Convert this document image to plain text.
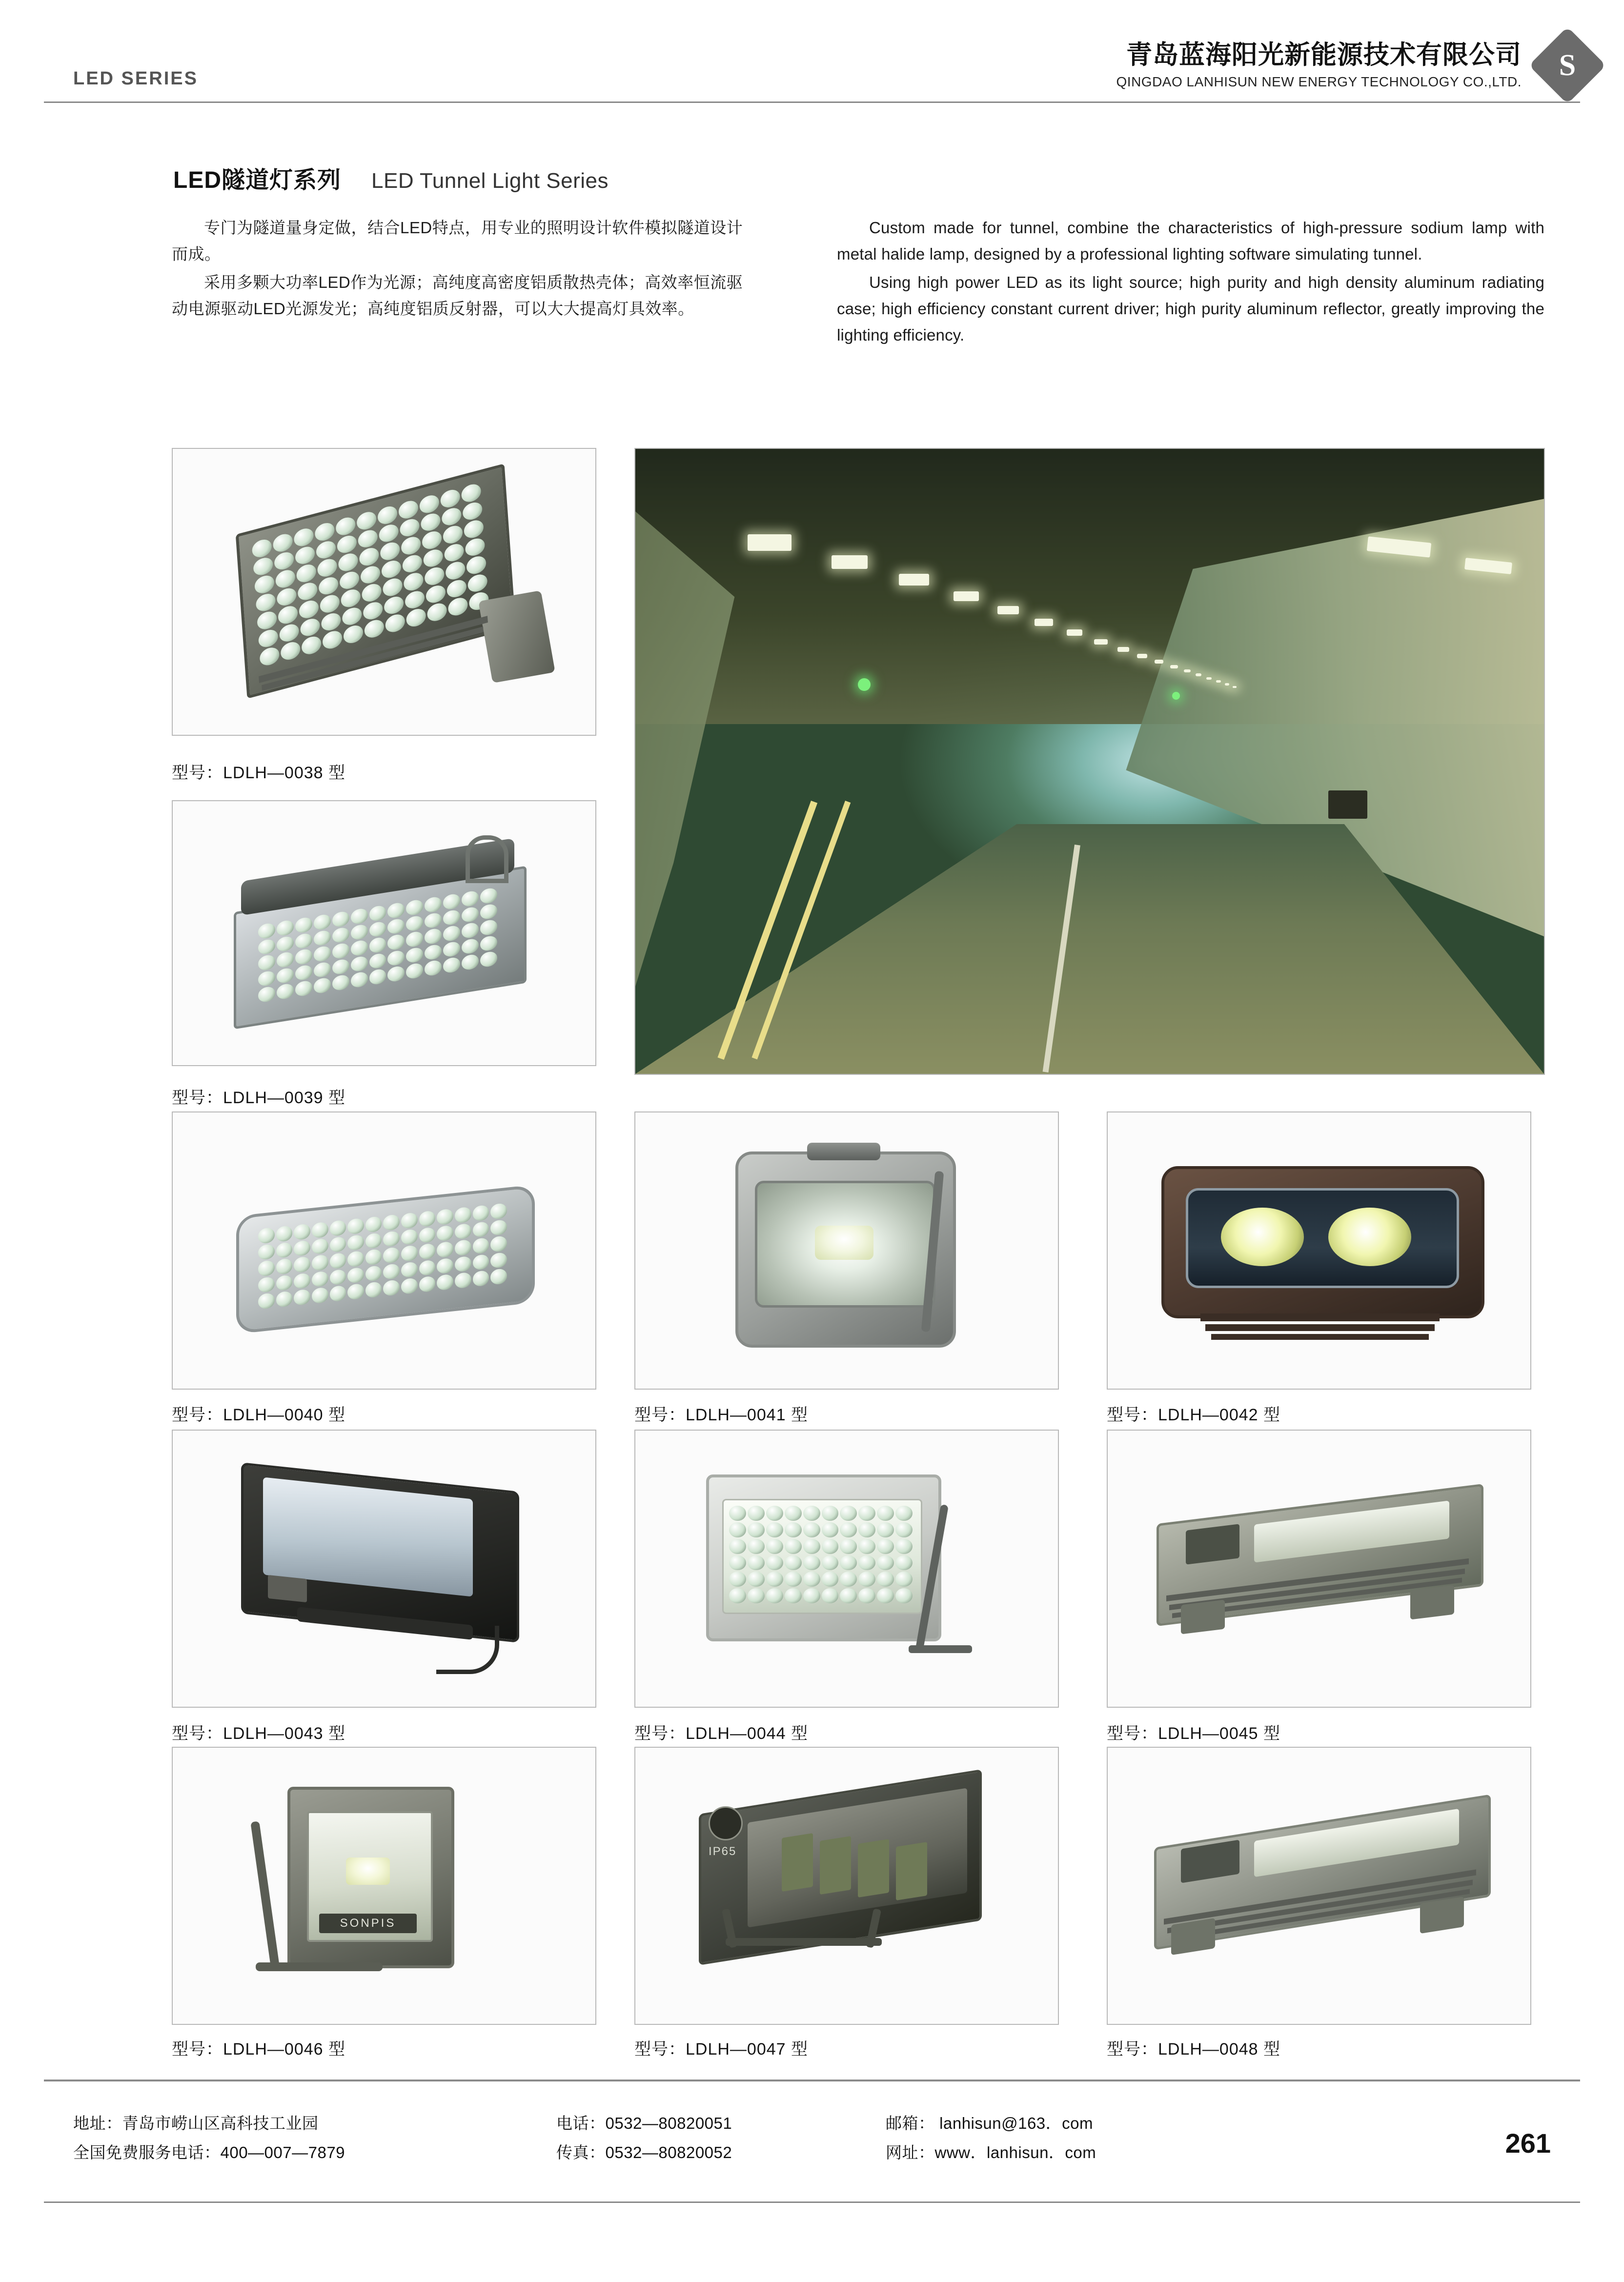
LED SERIES
青岛蓝海阳光新能源技术有限公司
QINGDAO LANHISUN NEW ENERGY TECHNOLOGY CO.,LTD.	S
LED隧道灯系列 LED Tunnel Light Series

专门为隧道量身定做，结合LED特点，用专业的照明设计软件模拟隧道设计而成。

采用多颗大功率LED作为光源；高纯度高密度铝质散热壳体；高效率恒流驱动电源驱动LED光源发光；高纯度铝质反射器，可以大大提高灯具效率。

Custom made for tunnel, combine the characteristics of high-pressure sodium lamp with metal halide lamp, designed by a professional lighting software simulating tunnel.

Using high power LED as its light source; high purity and high density aluminum radiating case; high efficiency constant current driver; high purity aluminum reflector, greatly improving the lighting efficiency.

型号：LDLH—0038 型
型号：LDLH—0039 型
型号：LDLH—0040 型	型号：LDLH—0041 型	型号：LDLH—0042 型
型号：LDLH—0043 型	型号：LDLH—0044 型	型号：LDLH—0045 型
SONPIS
型号：LDLH—0046 型
IP65
型号：LDLH—0047 型	型号：LDLH—0048 型
地址：青岛市崂山区高科技工业园
全国免费服务电话：400—007—7879
电话：0532—80820051
传真：0532—80820052
邮箱： lanhisun@163．com
网址：www．lanhisun．com	261
